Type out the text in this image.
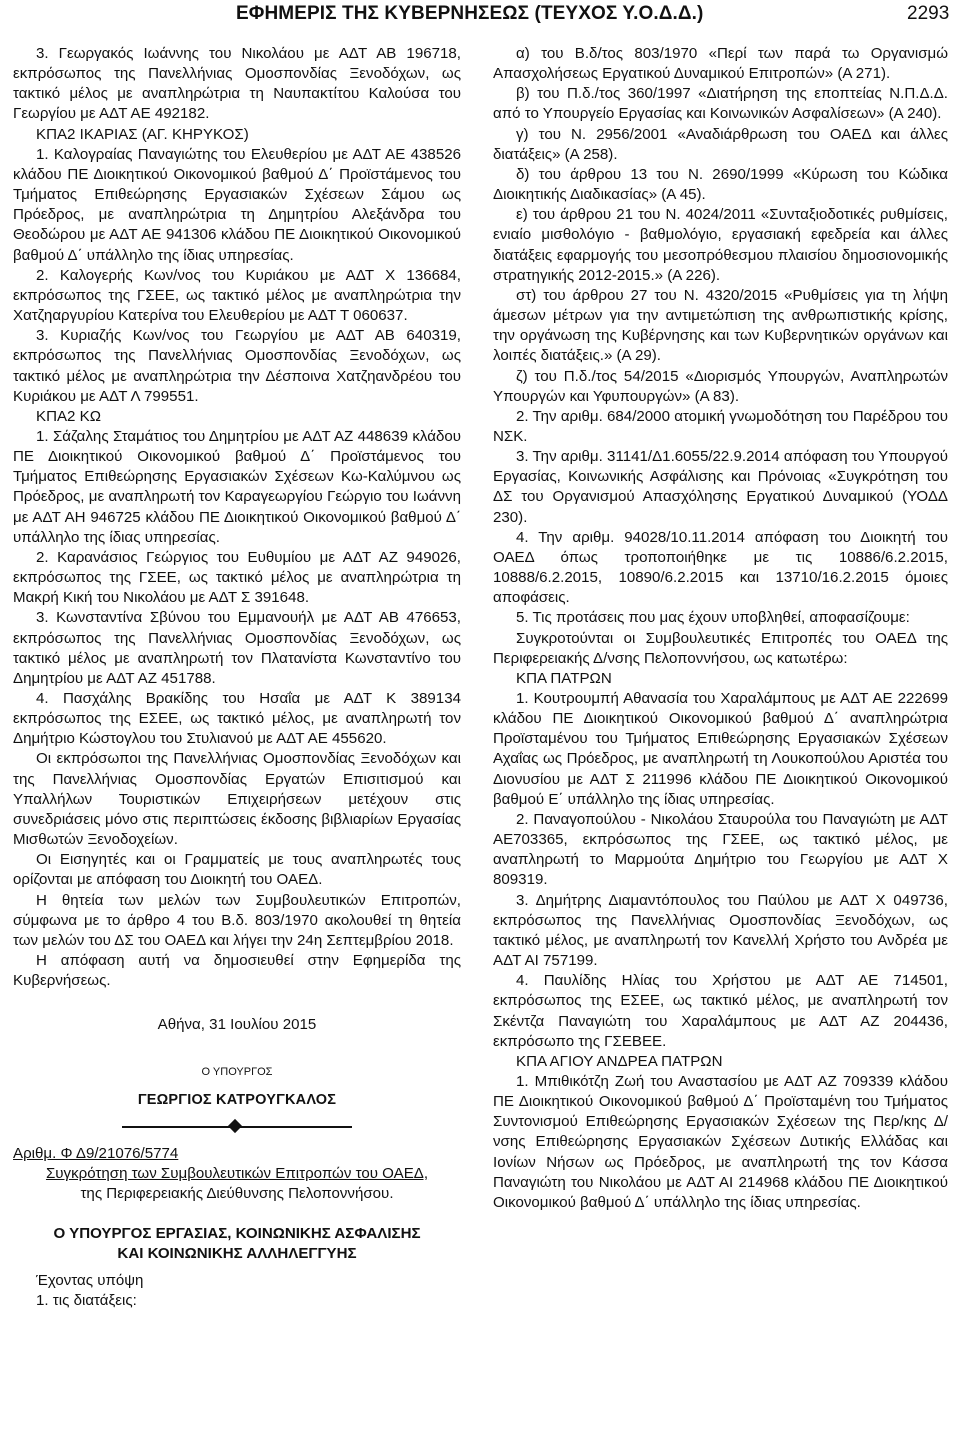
ΕΦΗΜΕΡΙΣ ΤΗΣ ΚΥΒΕΡΝΗΣΕΩΣ (ΤΕΥΧΟΣ Υ.Ο.Δ.Δ.)	2293

3. Γεωργακός Ιωάννης του Νικολάου με ΑΔΤ ΑΒ 196718, εκπρόσωπος της Πανελλήνιας Ομοσπονδίας Ξενοδόχων, ως τακτικό μέλος με αναπληρώτρια τη Ναυπακτίτου Καλούσα του Γεωργίου με ΑΔΤ ΑΕ 492182.

ΚΠΑ2 ΙΚΑΡΙΑΣ (ΑΓ. ΚΗΡΥΚΟΣ)

1. Καλογραίας Παναγιώτης του Ελευθερίου με ΑΔΤ ΑΕ 438526 κλάδου ΠΕ Διοικητικού Οικονομικού βαθμού Δ΄ Προϊστάμενος του Τμήματος Επιθεώρησης Εργασιακών Σχέσεων Σάμου ως Πρόεδρος, με αναπληρώτρια τη Δημητρίου Αλεξάνδρα του Θεοδώρου με ΑΔΤ ΑΕ 941306 κλάδου ΠΕ Διοικητικού Οικονομικού βαθμού Δ΄ υπάλληλο της ίδιας υπηρεσίας.

2. Καλογερής Κων/νος του Κυριάκου με ΑΔΤ Χ 136684, εκπρόσωπος της ΓΣΕΕ, ως τακτικό μέλος με αναπληρώτρια την Χατζηαργυρίου Κατερίνα του Ελευθερίου με ΑΔΤ Τ 060637.

3. Κυριαζής Κων/νος του Γεωργίου με ΑΔΤ ΑΒ 640319, εκπρόσωπος της Πανελλήνιας Ομοσπονδίας Ξενοδόχων, ως τακτικό μέλος με αναπληρώτρια την Δέσποινα Χατζηανδρέου του Κυριάκου με ΑΔΤ Λ 799551.

ΚΠΑ2 ΚΩ

1. Σάζαλης Σταμάτιος του Δημητρίου με ΑΔΤ ΑΖ 448639 κλάδου ΠΕ Διοικητικού Οικονομικού βαθμού Δ΄ Προϊστάμενος του Τμήματος Επιθεώρησης Εργασιακών Σχέσεων Κω-Καλύμνου ως Πρόεδρος, με αναπληρωτή τον Καραγεωργίου Γεώργιο του Ιωάννη με ΑΔΤ ΑΗ 946725 κλάδου ΠΕ Διοικητικού Οικονομικού βαθμού Δ΄ υπάλληλο της ίδιας υπηρεσίας.

2. Καρανάσιος Γεώργιος του Ευθυμίου με ΑΔΤ ΑΖ 949026, εκπρόσωπος της ΓΣΕΕ, ως τακτικό μέλος με αναπληρώτρια τη Μακρή Κική του Νικολάου με ΑΔΤ Σ 391648.

3. Κωνσταντίνα Σβύνου του Εμμανουήλ με ΑΔΤ ΑΒ 476653, εκπρόσωπος της Πανελλήνιας Ομοσπονδίας Ξενοδόχων, ως τακτικό μέλος με αναπληρωτή τον Πλατανίστα Κωνσταντίνο του Δημητρίου με ΑΔΤ ΑΖ 451788.

4. Πασχάλης Βρακίδης του Ησαΐα με ΑΔΤ Κ 389134 εκπρόσωπος της ΕΣΕΕ, ως τακτικό μέλος, με αναπληρωτή τον Δημήτριο Κώστογλου του Στυλιανού με ΑΔΤ ΑΕ 455620.

Οι εκπρόσωποι της Πανελλήνιας Ομοσπονδίας Ξενοδόχων και της Πανελλήνιας Ομοσπονδίας Εργατών Επισιτισμού και Υπαλλήλων Τουριστικών Επιχειρήσεων μετέχουν στις συνεδριάσεις μόνο στις περιπτώσεις έκδοσης βιβλιαρίων Εργασίας Μισθωτών Ξενοδοχείων.

Οι Εισηγητές και οι Γραμματείς με τους αναπληρωτές τους ορίζονται με απόφαση του Διοικητή του ΟΑΕΔ.

Η θητεία των μελών των Συμβουλευτικών Επιτροπών, σύμφωνα με το άρθρο 4 του Β.δ. 803/1970 ακολουθεί τη θητεία των μελών του ΔΣ του ΟΑΕΔ και λήγει την 24η Σεπτεμβρίου 2018.

Η απόφαση αυτή να δημοσιευθεί στην Εφημερίδα της Κυβερνήσεως.

Αθήνα, 31 Ιουλίου 2015
Ο ΥΠΟΥΡΓΟΣ
ΓΕΩΡΓΙΟΣ ΚΑΤΡΟΥΓΚΑΛΟΣ

Αριθμ. Φ Δ9/21076/5774

Συγκρότηση των Συμβουλευτικών Επιτροπών του ΟΑΕΔ,

της Περιφερειακής Διεύθυνσης Πελοποννήσου.

Ο ΥΠΟΥΡΓΟΣ ΕΡΓΑΣΙΑΣ, ΚΟΙΝΩΝΙΚΗΣ ΑΣΦΑΛΙΣΗΣ
ΚΑΙ ΚΟΙΝΩΝΙΚΗΣ ΑΛΛΗΛΕΓΓΥΗΣ

Έχοντας υπόψη

1. τις διατάξεις:

α) του Β.δ/τος 803/1970 «Περί των παρά τω Οργανισμώ Απασχολήσεως Εργατικού Δυναμικού Επιτροπών» (Α 271).

β) του Π.δ./τος 360/1997 «Διατήρηση της εποπτείας Ν.Π.Δ.Δ. από το Υπουργείο Εργασίας και Κοινωνικών Ασφαλίσεων» (Α 240).

γ) του Ν. 2956/2001 «Αναδιάρθρωση του ΟΑΕΔ και άλλες διατάξεις» (Α 258).

δ) του άρθρου 13 του Ν. 2690/1999 «Κύρωση του Κώδικα Διοικητικής Διαδικασίας» (Α 45).

ε) του άρθρου 21 του Ν. 4024/2011 «Συνταξιοδοτικές ρυθμίσεις, ενιαίο μισθολόγιο - βαθμολόγιο, εργασιακή εφεδρεία και άλλες διατάξεις εφαρμογής του μεσοπρόθεσμου πλαισίου δημοσιονομικής στρατηγικής 2012-2015.» (Α 226).

στ) του άρθρου 27 του Ν. 4320/2015 «Ρυθμίσεις για τη λήψη άμεσων μέτρων για την αντιμετώπιση της ανθρωπιστικής κρίσης, την οργάνωση της Κυβέρνησης και των Κυβερνητικών οργάνων και λοιπές διατάξεις.» (Α 29).

ζ) του Π.δ./τος 54/2015 «Διορισμός Υπουργών, Αναπληρωτών Υπουργών και Υφυπουργών» (Α 83).

2. Την αριθμ. 684/2000 ατομική γνωμοδότηση του Παρέδρου του ΝΣΚ.

3. Την αριθμ. 31141/Δ1.6055/22.9.2014 απόφαση του Υπουργού Εργασίας, Κοινωνικής Ασφάλισης και Πρόνοιας «Συγκρότηση του ΔΣ του Οργανισμού Απασχόλησης Εργατικού Δυναμικού (ΥΟΔΔ 230).

4. Την αριθμ. 94028/10.11.2014 απόφαση του Διοικητή του ΟΑΕΔ όπως τροποποιήθηκε με τις 10886/6.2.2015, 10888/6.2.2015, 10890/6.2.2015 και 13710/16.2.2015 όμοιες αποφάσεις.

5. Τις προτάσεις που μας έχουν υποβληθεί, αποφασίζουμε:

Συγκροτούνται οι Συμβουλευτικές Επιτροπές του ΟΑΕΔ της Περιφερειακής Δ/νσης Πελοποννήσου, ως κατωτέρω:

ΚΠΑ ΠΑΤΡΩΝ

1. Κουτρουμπή Αθανασία του Χαραλάμπους με ΑΔΤ ΑΕ 222699 κλάδου ΠΕ Διοικητικού Οικονομικού βαθμού Δ΄ αναπληρώτρια Προϊσταμένου του Τμήματος Επιθεώρησης Εργασιακών Σχέσεων Αχαΐας ως Πρόεδρος, με αναπληρωτή τη Λουκοπούλου Αριστέα του Διονυσίου με ΑΔΤ Σ 211996 κλάδου ΠΕ Διοικητικού Οικονομικού βαθμού Ε΄ υπάλληλο της ίδιας υπηρεσίας.

2. Παναγοπούλου - Νικολάου Σταυρούλα του Παναγιώτη με ΑΔΤ ΑΕ703365, εκπρόσωπος της ΓΣΕΕ, ως τακτικό μέλος, με αναπληρωτή το Μαρμούτα Δημήτριο του Γεωργίου με ΑΔΤ Χ 809319.

3. Δημήτρης Διαμαντόπουλος του Παύλου με ΑΔΤ Χ 049736, εκπρόσωπος της Πανελλήνιας Ομοσπονδίας Ξενοδόχων, ως τακτικό μέλος, με αναπληρωτή τον Κανελλή Χρήστο του Ανδρέα με ΑΔΤ ΑΙ 757199.

4. Παυλίδης Ηλίας του Χρήστου με ΑΔΤ ΑΕ 714501, εκπρόσωπος της ΕΣΕΕ, ως τακτικό μέλος, με αναπληρωτή τον Σκέντζα Παναγιώτη του Χαραλάμπους με ΑΔΤ ΑΖ 204436, εκπρόσωπο της ΓΣΕΒΕΕ.

ΚΠΑ ΑΓΙΟΥ ΑΝΔΡΕΑ ΠΑΤΡΩΝ

1. Μπιθικότζη Ζωή του Αναστασίου με ΑΔΤ ΑΖ 709339 κλάδου ΠΕ Διοικητικού Οικονομικού βαθμού Δ΄ Προϊσταμένη του Τμήματος Συντονισμού Επιθεώρησης Εργασιακών Σχέσεων της Περ/κης Δ/νσης Επιθεώρησης Εργασιακών Σχέσεων Δυτικής Ελλάδας και Ιονίων Νήσων ως Πρόεδρος, με αναπληρωτή της τον Κάσσα Παναγιώτη του Νικολάου με ΑΔΤ ΑΙ 214968 κλάδου ΠΕ Διοικητικού Οικονομικού βαθμού Δ΄ υπάλληλο της ίδιας υπηρεσίας.
